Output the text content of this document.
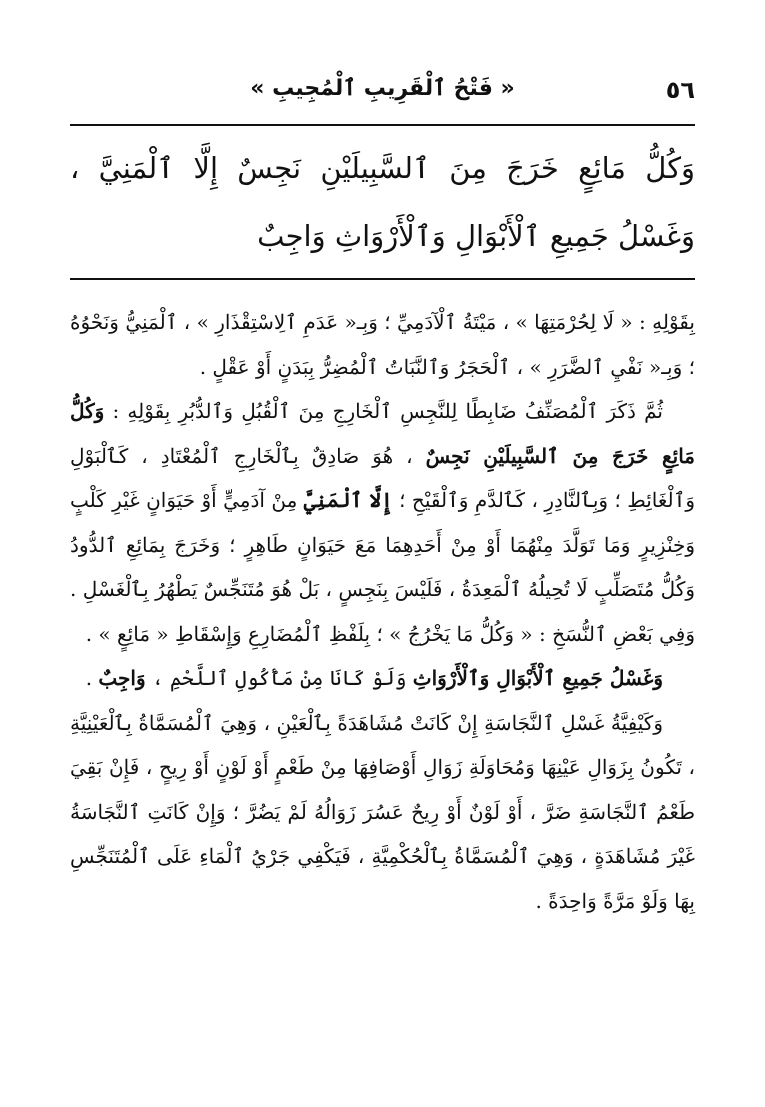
٥٦
« فَتْحُ ٱلْقَرِيبِ ٱلْمُجِيبِ »
وَكُلُّ مَائِعٍ خَرَجَ مِنَ ٱلسَّبِيلَيْنِ نَجِسٌ إِلَّا ٱلْمَنِيَّ ، وَغَسْلُ جَمِيعِ ٱلْأَبْوَالِ وَٱلْأَرْوَاثِ وَاجِبٌ

بِقَوْلِهِ : « لَا لِحُرْمَتِهَا » ، مَيْتَةُ ٱلْآدَمِيِّ ؛ وَبِـ« عَدَمِ ٱلِاسْتِقْذَارِ » ، ٱلْمَنِيُّ وَنَحْوُهُ ؛ وَبِـ« نَفْيِ ٱلضَّرَرِ » ، ٱلْحَجَرُ وَٱلنَّبَاتُ ٱلْمُضِرُّ بِبَدَنٍ أَوْ عَقْلٍ .

ثُمَّ ذَكَرَ ٱلْمُصَنِّفُ ضَابِطًا لِلنَّجِسِ ٱلْخَارِجِ مِنَ ٱلْقُبُلِ وَٱلدُّبُرِ بِقَوْلِهِ : وَكُلُّ مَائِعٍ خَرَجَ مِنَ ٱلسَّبِيلَيْنِ نَجِسٌ ، هُوَ صَادِقٌ بِٱلْخَارِجِ ٱلْمُعْتَادِ ، كَٱلْبَوْلِ وَٱلْغَائِطِ ؛ وَبِٱلنَّادِرِ ، كَٱلدَّمِ وَٱلْقَيْحِ ؛ إِلَّا ٱلْمَنِيَّ مِنْ آدَمِيٍّ أَوْ حَيَوَانٍ غَيْرِ كَلْبٍ وَخِنْزِيرٍ وَمَا تَوَلَّدَ مِنْهُمَا أَوْ مِنْ أَحَدِهِمَا مَعَ حَيَوَانٍ طَاهِرٍ ؛ وَخَرَجَ بِمَائِعِ ٱلدُّودُ وَكُلُّ مُتَصَلِّبٍ لَا تُحِيلُهُ ٱلْمَعِدَةُ ، فَلَيْسَ بِنَجِسٍ ، بَلْ هُوَ مُتَنَجِّسٌ يَطْهُرُ بِٱلْغَسْلِ . وَفِي بَعْضِ ٱلنُّسَخِ : « وَكُلُّ مَا يَخْرُجُ » ؛ بِلَفْظِ ٱلْمُضَارِعِ وَإِسْقَاطِ « مَائِعٍ » .

وَغَسْلُ جَمِيعِ ٱلْأَبْوَالِ وَٱلْأَرْوَاثِ وَلَوْ كَانَا مِنْ مَأْكُولِ ٱللَّحْمِ ، وَاجِبٌ .

وَكَيْفِيَّةُ غَسْلِ ٱلنَّجَاسَةِ إِنْ كَانَتْ مُشَاهَدَةً بِٱلْعَيْنِ ، وَهِيَ ٱلْمُسَمَّاةُ بِٱلْعَيْنِيَّةِ ، تَكُونُ بِزَوَالِ عَيْنِهَا وَمُحَاوَلَةِ زَوَالِ أَوْصَافِهَا مِنْ طَعْمٍ أَوْ لَوْنٍ أَوْ رِيحٍ ، فَإِنْ بَقِيَ طَعْمُ ٱلنَّجَاسَةِ ضَرَّ ، أَوْ لَوْنٌ أَوْ رِيحٌ عَسُرَ زَوَالُهُ لَمْ يَضُرَّ ؛ وَإِنْ كَانَتِ ٱلنَّجَاسَةُ غَيْرَ مُشَاهَدَةٍ ، وَهِيَ ٱلْمُسَمَّاةُ بِٱلْحُكْمِيَّةِ ، فَيَكْفِي جَرْيُ ٱلْمَاءِ عَلَى ٱلْمُتَنَجِّسِ بِهَا وَلَوْ مَرَّةً وَاحِدَةً .
